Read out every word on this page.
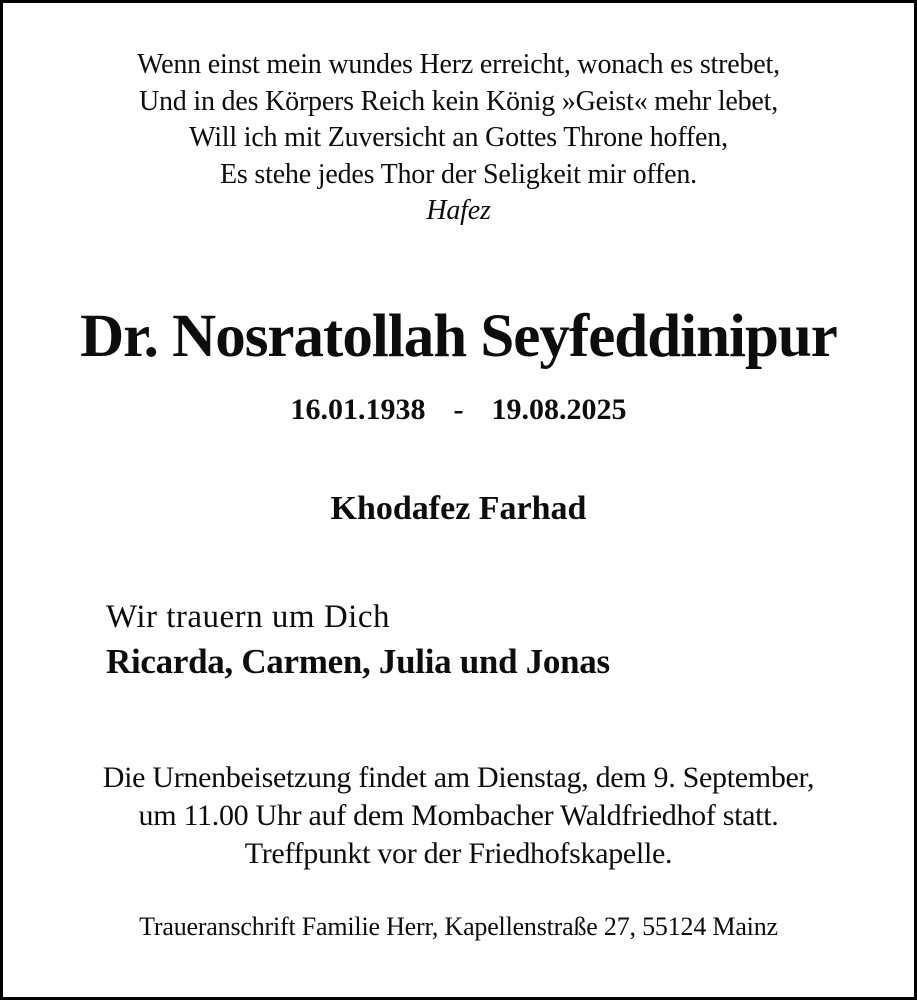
Wenn einst mein wundes Herz erreicht, wonach es strebet,
Und in des Körpers Reich kein König »Geist« mehr lebet,
Will ich mit Zuversicht an Gottes Throne hoffen,
Es stehe jedes Thor der Seligkeit mir offen.
Hafez
Dr. Nosratollah Seyfeddinipur
16.01.1938 - 19.08.2025
Khodafez Farhad
Wir trauern um Dich
Ricarda, Carmen, Julia und Jonas
Die Urnenbeisetzung findet am Dienstag, dem 9. September,
um 11.00 Uhr auf dem Mombacher Waldfriedhof statt.
Treffpunkt vor der Friedhofskapelle.
Traueranschrift Familie Herr, Kapellenstraße 27, 55124 Mainz
